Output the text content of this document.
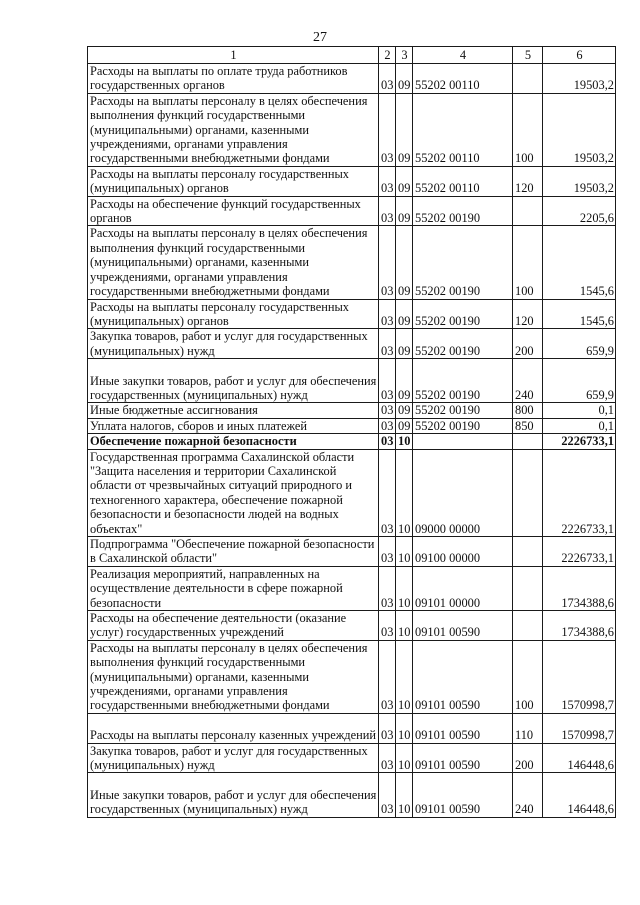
27
1	2	3	4	5	6
Расходы на выплаты по оплате труда работников государственных органов	03	09	55202 00110		19503,2
Расходы на выплаты персоналу в целях обеспечения выполнения функций государственными (муниципальными) органами, казенными учреждениями, органами управления государственными внебюджетными фондами	03	09	55202 00110	100	19503,2
Расходы на выплаты персоналу государственных (муниципальных) органов	03	09	55202 00110	120	19503,2
Расходы на обеспечение функций государственных органов	03	09	55202 00190		2205,6
Расходы на выплаты персоналу в целях обеспечения выполнения функций государственными (муниципальными) органами, казенными учреждениями, органами управления государственными внебюджетными фондами	03	09	55202 00190	100	1545,6
Расходы на выплаты персоналу государственных (муниципальных) органов	03	09	55202 00190	120	1545,6
Закупка товаров, работ и услуг для государственных (муниципальных) нужд	03	09	55202 00190	200	659,9
Иные закупки товаров, работ и услуг для обеспечения государственных (муниципальных) нужд	03	09	55202 00190	240	659,9
Иные бюджетные ассигнования	03	09	55202 00190	800	0,1
Уплата налогов, сборов и иных платежей	03	09	55202 00190	850	0,1
Обеспечение пожарной безопасности	03	10			2226733,1
Государственная программа Сахалинской области "Защита населения и территории Сахалинской области от чрезвычайных ситуаций природного и техногенного характера, обеспечение пожарной безопасности и безопасности людей на водных объектах"	03	10	09000 00000		2226733,1
Подпрограмма "Обеспечение пожарной безопасности в Сахалинской области"	03	10	09100 00000		2226733,1
Реализация мероприятий, направленных на осуществление деятельности в сфере пожарной безопасности	03	10	09101 00000		1734388,6
Расходы на обеспечение деятельности (оказание услуг) государственных учреждений	03	10	09101 00590		1734388,6
Расходы на выплаты персоналу в целях обеспечения выполнения функций государственными (муниципальными) органами, казенными учреждениями, органами управления государственными внебюджетными фондами	03	10	09101 00590	100	1570998,7
Расходы на выплаты персоналу казенных учреждений	03	10	09101 00590	110	1570998,7
Закупка товаров, работ и услуг для государственных (муниципальных) нужд	03	10	09101 00590	200	146448,6
Иные закупки товаров, работ и услуг для обеспечения государственных (муниципальных) нужд	03	10	09101 00590	240	146448,6
